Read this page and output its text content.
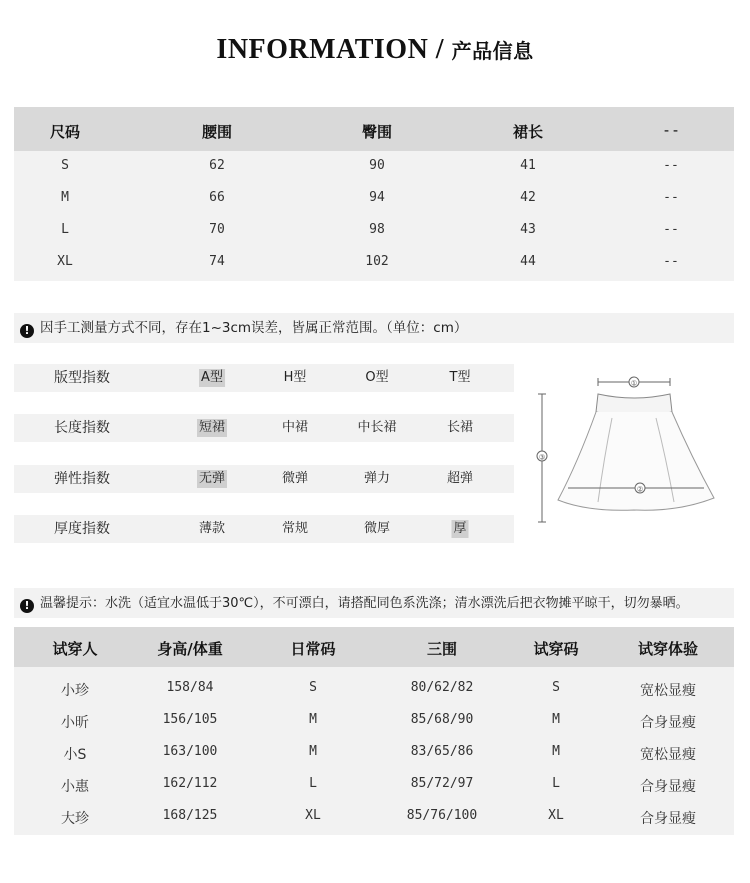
INFORMATION / 产品信息
尺码	腰围	臀围	裙长	--
S	62	90	41	--
M	66	94	42	--
L	70	98	43	--
XL	74	102	44	--
! 因手工测量方式不同，存在1~3cm误差，皆属正常范围。（单位：cm）
版型指数	A型	H型	O型	T型
长度指数	短裙	中裙	中长裙	长裙
弹性指数	无弹	微弹	弹力	超弹
厚度指数	薄款	常规	微厚	厚
①
②
③
! 温馨提示：水洗（适宜水温低于30℃），不可漂白，请搭配同色系洗涤；清水漂洗后把衣物摊平晾干，切勿暴晒。
试穿人	身高/体重	日常码	三围	试穿码	试穿体验
小珍	158/84	S	80/62/82	S	宽松显瘦
小昕	156/105	M	85/68/90	M	合身显瘦
小S	163/100	M	83/65/86	M	宽松显瘦
小惠	162/112	L	85/72/97	L	合身显瘦
大珍	168/125	XL	85/76/100	XL	合身显瘦
